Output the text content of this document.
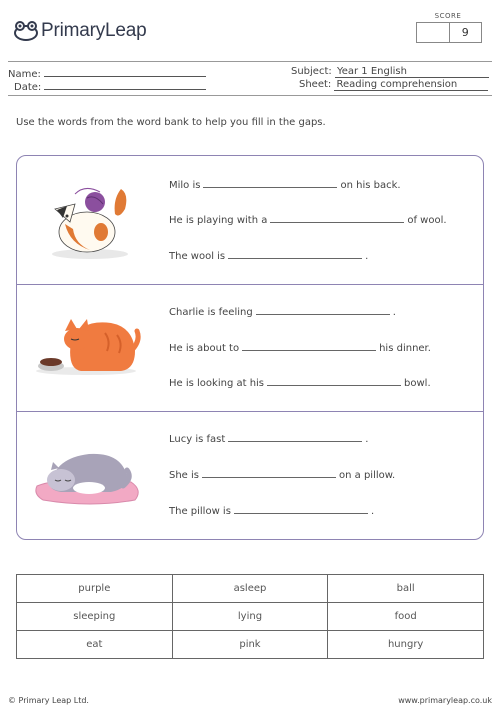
PrimaryLeap
SCORE
9
Name:
Date:
Subject: Year 1 English
Sheet: Reading comprehension
Use the words from the word bank to help you fill in the gaps.
Milo is	on his back.
He is playing with a	of wool.
The wool is	.
Charlie is feeling	.
He is about to	his dinner.
He is looking at his	bowl.
Lucy is fast	.
She is	on a pillow.
The pillow is	.
purple	asleep	ball
sleeping	lying	food
eat	pink	hungry
© Primary Leap Ltd.	www.primaryleap.co.uk
